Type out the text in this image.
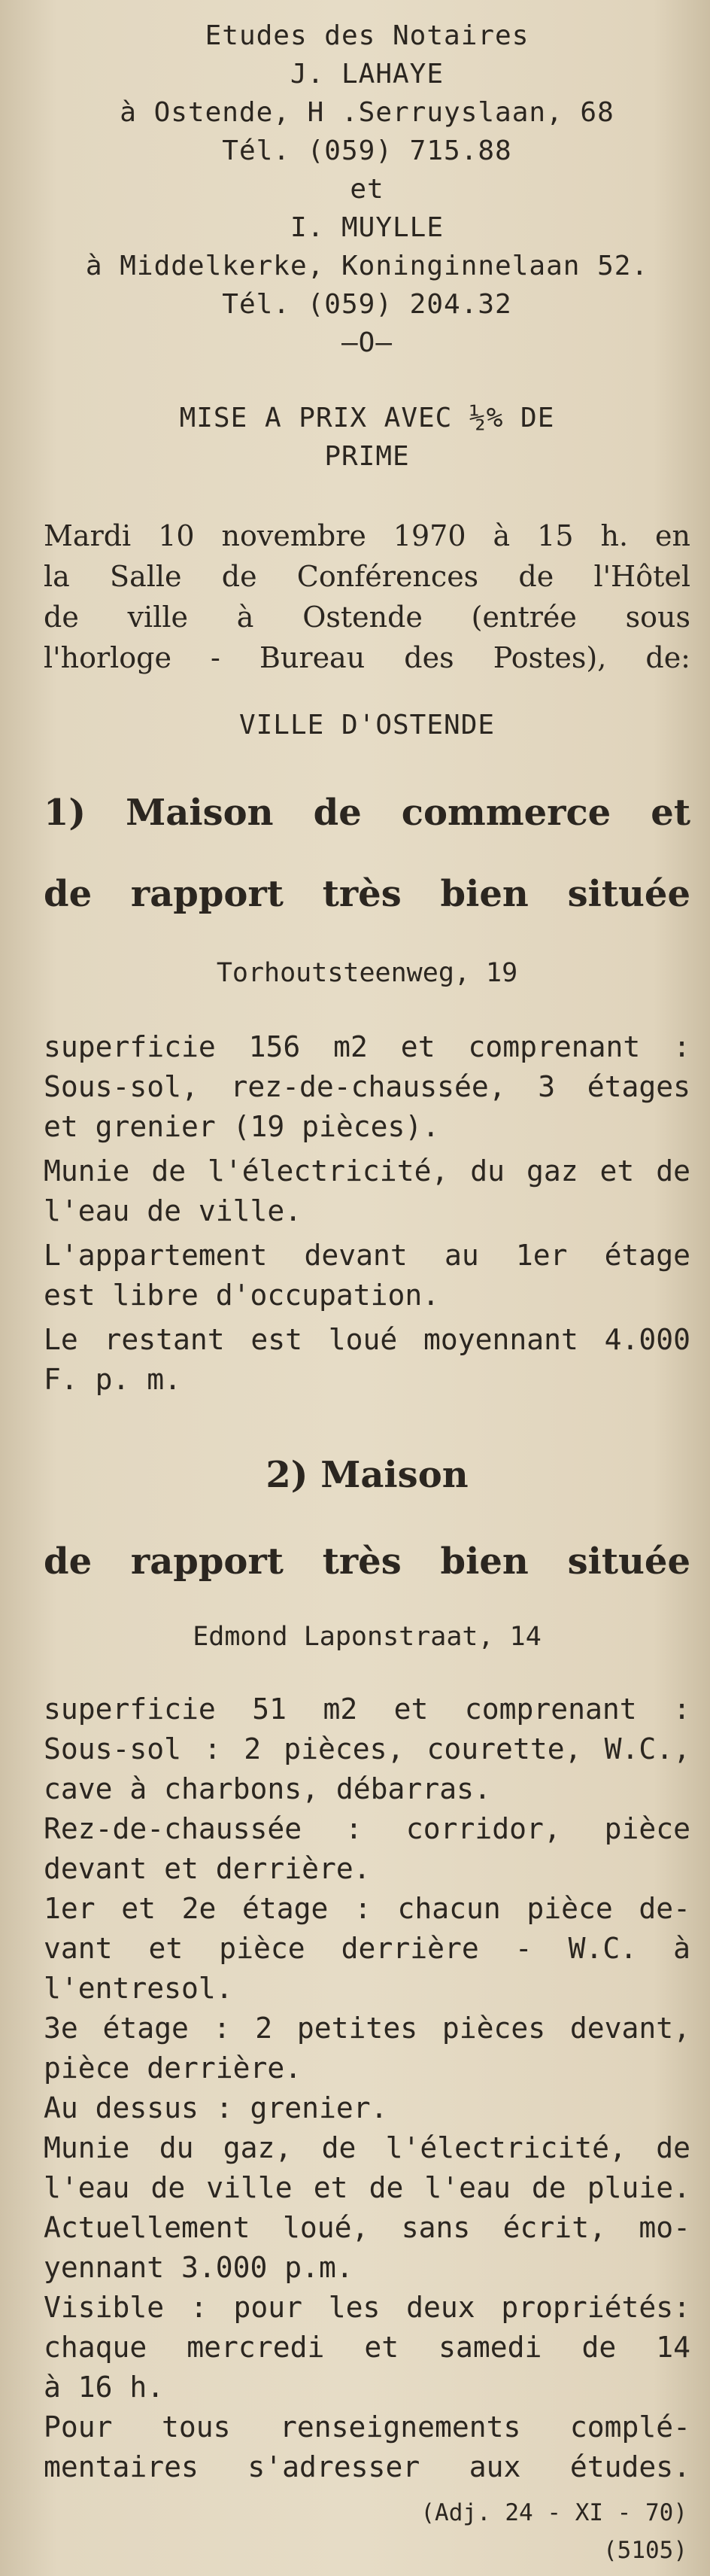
Etudes des Notaires
J. LAHAYE
à Ostende, H .Serruyslaan, 68
Tél. (059) 715.88
et
I. MUYLLE
à Middelkerke, Koninginnelaan 52.
Tél. (059) 204.32
—O—
MISE A PRIX AVEC ½% DE
PRIME
Mardi 10 novembre 1970 à 15 h. en
la Salle de Conférences de l'Hôtel
de ville à Ostende (entrée sous
l'horloge - Bureau des Postes), de:
VILLE D'OSTENDE
1) Maison de commerce et
de rapport très bien située
Torhoutsteenweg, 19
superficie 156 m2 et comprenant :
Sous-sol, rez-de-chaussée, 3 étages
et grenier (19 pièces).
Munie de l'électricité, du gaz et de
l'eau de ville.
L'appartement devant au 1er étage
est libre d'occupation.
Le restant est loué moyennant 4.000
F. p. m.
2) Maison
de rapport très bien située
Edmond Laponstraat, 14
superficie 51 m2 et comprenant :
Sous-sol : 2 pièces, courette, W.C.,
cave à charbons, débarras.
Rez-de-chaussée : corridor, pièce
devant et derrière.
1er et 2e étage : chacun pièce de-
vant et pièce derrière - W.C. à
l'entresol.
3e étage : 2 petites pièces devant,
pièce derrière.
Au dessus : grenier.
Munie du gaz, de l'électricité, de
l'eau de ville et de l'eau de pluie.
Actuellement loué, sans écrit, mo-
yennant 3.000 p.m.
Visible : pour les deux propriétés:
chaque mercredi et samedi de 14
à 16 h.
Pour tous renseignements complé-
mentaires s'adresser aux études.
(Adj. 24 - XI - 70)
(5105)
